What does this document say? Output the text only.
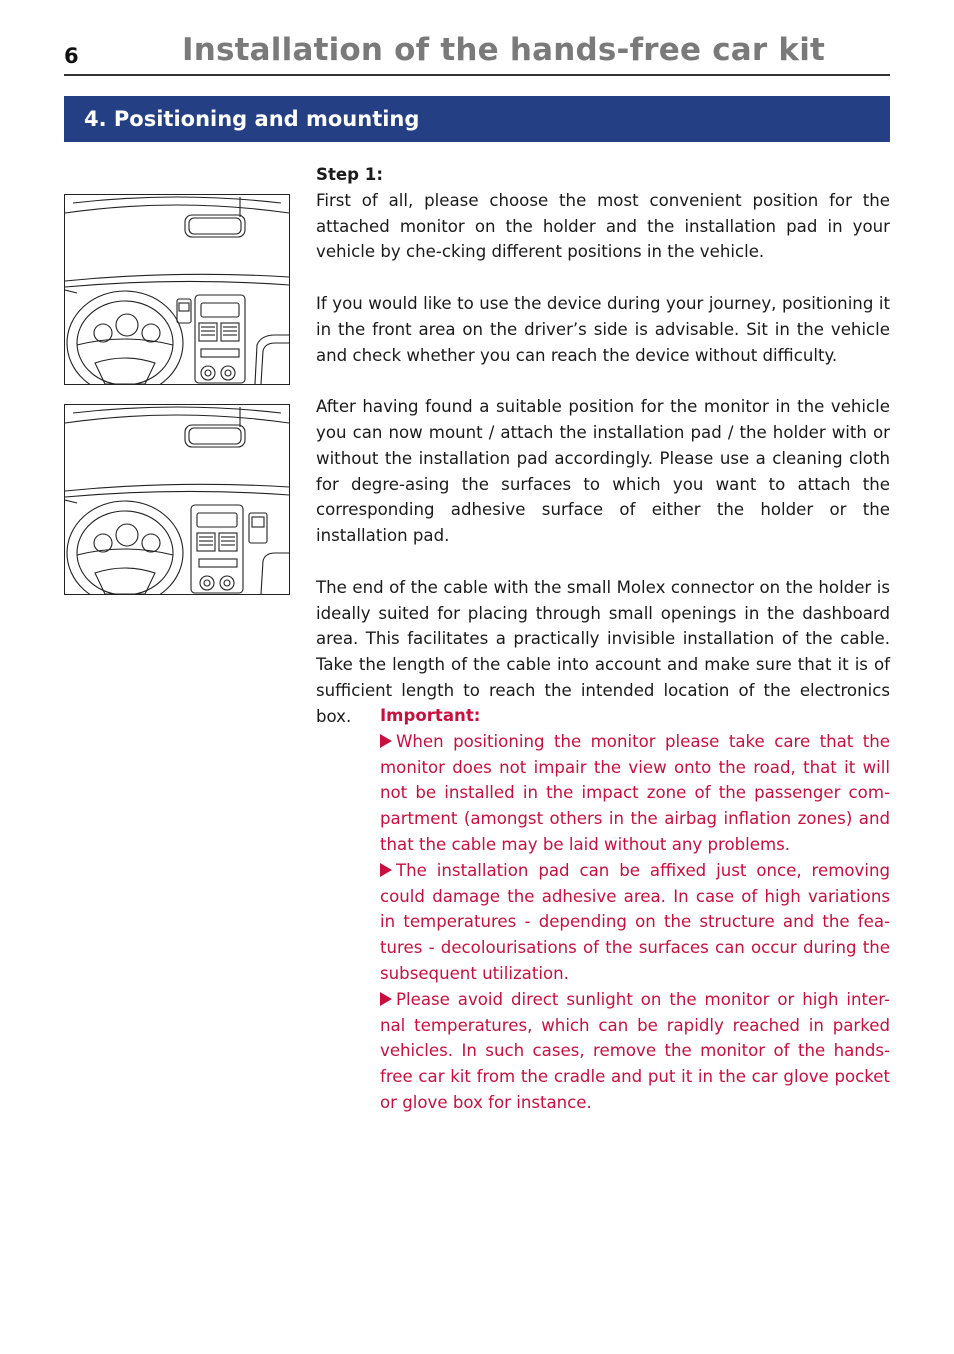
6	Installation of the hands-free car kit
4. Positioning and mounting
Step 1:

First of all, please choose the most convenient position for the attached monitor on the holder and the installation pad in your vehicle by che-cking different positions in the vehicle.

If you would like to use the device during your journey, positioning it in the front area on the driver’s side is advisable. Sit in the vehicle and check whether you can reach the device without difficulty.

After having found a suitable position for the monitor in the vehicle you can now mount / attach the installation pad / the holder with or without the installation pad accordingly. Please use a cleaning cloth for degre-asing the surfaces to which you want to attach the corresponding adhesive surface of either the holder or the installation pad.

The end of the cable with the small Molex connector on the holder is ideally suited for placing through small openings in the dashboard area. This facilitates a practically invisible installation of the cable. Take the length of the cable into account and make sure that it is of sufficient length to reach the intended location of the electronics box.	Important:

When positioning the monitor please take care that the monitor does not impair the view onto the road, that it will not be installed in the impact zone of the passenger com-partment (amongst others in the airbag inflation zones) and that the cable may be laid without any problems.

The installation pad can be affixed just once, removing could damage the adhesive area. In case of high variations in temperatures - depending on the structure and the fea-tures - decolourisations of the surfaces can occur during the subsequent utilization.

Please avoid direct sunlight on the monitor or high inter-nal temperatures, which can be rapidly reached in parked vehicles. In such cases, remove the monitor of the hands-free car kit from the cradle and put it in the car glove pocket or glove box for instance.
